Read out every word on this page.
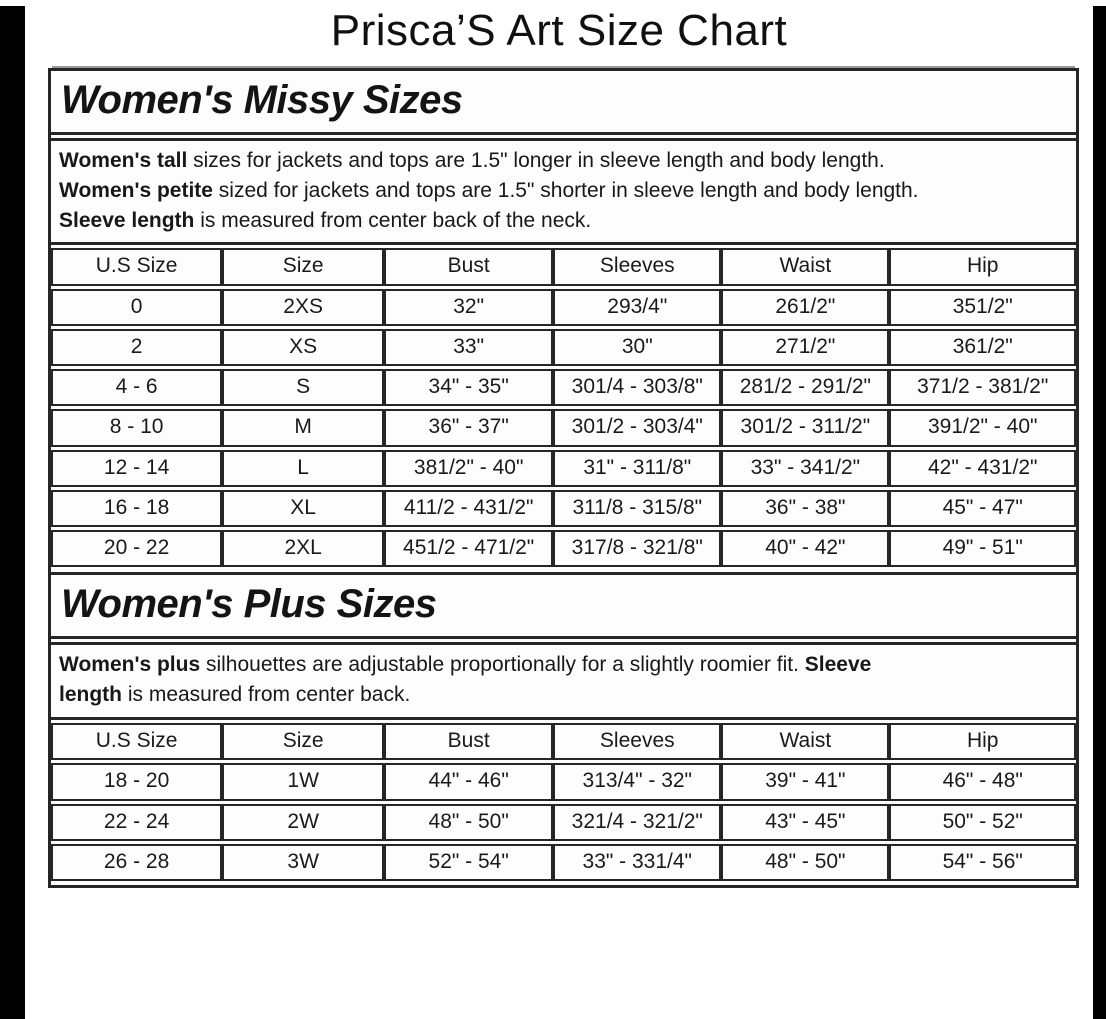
Prisca’S Art Size Chart
Women's Missy Sizes

Women's tall sizes for jackets and tops are 1.5" longer in sleeve length and body length.

Women's petite sized for jackets and tops are 1.5" shorter in sleeve length and body length.

Sleeve length is measured from center back of the neck.

U.S Size	Size	Bust	Sleeves	Waist	Hip
0	2XS	32"	293/4"	261/2"	351/2"
2	XS	33"	30"	271/2"	361/2"
4 - 6	S	34" - 35"	301/4 - 303/8"	281/2 - 291/2"	371/2 - 381/2"
8 - 10	M	36" - 37"	301/2 - 303/4"	301/2 - 311/2"	391/2" - 40"
12 - 14	L	381/2" - 40"	31" - 311/8"	33" - 341/2"	42" - 431/2"
16 - 18	XL	411/2 - 431/2"	311/8 - 315/8"	36" - 38"	45" - 47"
20 - 22	2XL	451/2 - 471/2"	317/8 - 321/8"	40" - 42"	49" - 51"
Women's Plus Sizes

Women's plus silhouettes are adjustable proportionally for a slightly roomier fit. Sleeve

length is measured from center back.

U.S Size	Size	Bust	Sleeves	Waist	Hip
18 - 20	1W	44" - 46"	313/4" - 32"	39" - 41"	46" - 48"
22 - 24	2W	48" - 50"	321/4 - 321/2"	43" - 45"	50" - 52"
26 - 28	3W	52" - 54"	33" - 331/4"	48" - 50"	54" - 56"
